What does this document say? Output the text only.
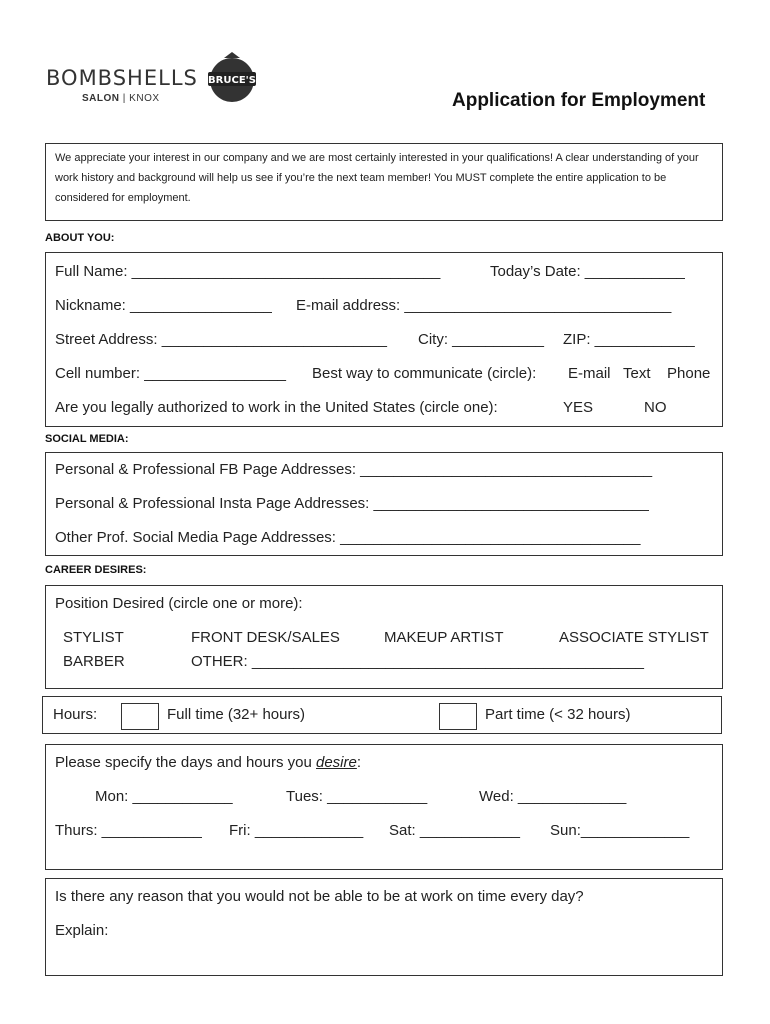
BOMBSHELLS
SALON | KNOX
BRUCE'S
Application for Employment
We appreciate your interest in our company and we are most certainly interested in your qualifications! A clear understanding of your work history and background will help us see if you’re the next team member! You MUST complete the entire application to be considered for employment.
ABOUT YOU:
Full Name: _____________________________________	Today’s Date: ____________
Nickname: _________________ E-mail address: ________________________________
Street Address: ___________________________ City: ___________ ZIP: ____________
Cell number: _________________ Best way to communicate (circle): E-mail Text Phone
Are you legally authorized to work in the United States (circle one):	YES	NO
SOCIAL MEDIA:
Personal & Professional FB Page Addresses: ___________________________________
Personal & Professional Insta Page Addresses: _________________________________
Other Prof. Social Media Page Addresses: ____________________________________
CAREER DESIRES:
Position Desired (circle one or more):
STYLIST	FRONT DESK/SALES	MAKEUP ARTIST	ASSOCIATE STYLIST
BARBER	OTHER: _______________________________________________
Hours:	Full time (32+ hours)	Part time (< 32 hours)
Please specify the days and hours you desire:
Mon: ____________	Tues: ____________	Wed: _____________
Thurs: ____________ Fri: _____________ Sat: ____________ Sun:_____________
Is there any reason that you would not be able to be at work on time every day?
Explain:
